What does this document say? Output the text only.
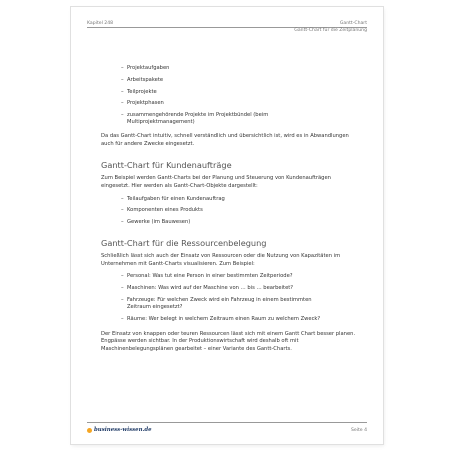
Kapitel 248	Gantt-Chart
Gantt-Chart für die Zeitplanung
– Projektaufgaben
– Arbeitspakete
– Teilprojekte
– Projektphasen
– zusammengehörende Projekte im Projektbündel (beim Multiprojektmanagement)

Da das Gantt-Chart intuitiv, schnell verständlich und übersichtlich ist, wird es in Abwandlungen auch für andere Zwecke eingesetzt.

Gantt-Chart für Kundenaufträge

Zum Beispiel werden Gantt-Charts bei der Planung und Steuerung von Kundenaufträgen eingesetzt. Hier werden als Gantt-Chart-Objekte dargestellt:

– Teilaufgaben für einen Kundenauftrag
– Komponenten eines Produkts
– Gewerke (im Bauwesen)
Gantt-Chart für die Ressourcenbelegung

Schließlich lässt sich auch der Einsatz von Ressourcen oder die Nutzung von Kapazitäten im Unternehmen mit Gantt-Charts visualisieren. Zum Beispiel:

– Personal: Was tut eine Person in einer bestimmten Zeitperiode?
– Maschinen: Was wird auf der Maschine von … bis … bearbeitet?
– Fahrzeuge: Für welchen Zweck wird ein Fahrzeug in einem bestimmten Zeitraum eingesetzt?
– Räume: Wer belegt in welchem Zeitraum einen Raum zu welchem Zweck?

Der Einsatz von knappen oder teuren Ressourcen lässt sich mit einem Gantt Chart besser planen. Engpässe werden sichtbar. In der Produktionswirtschaft wird deshalb oft mit Maschinenbelegungsplänen gearbeitet – einer Variante des Gantt-Charts.

business-wissen.de	Seite 4
